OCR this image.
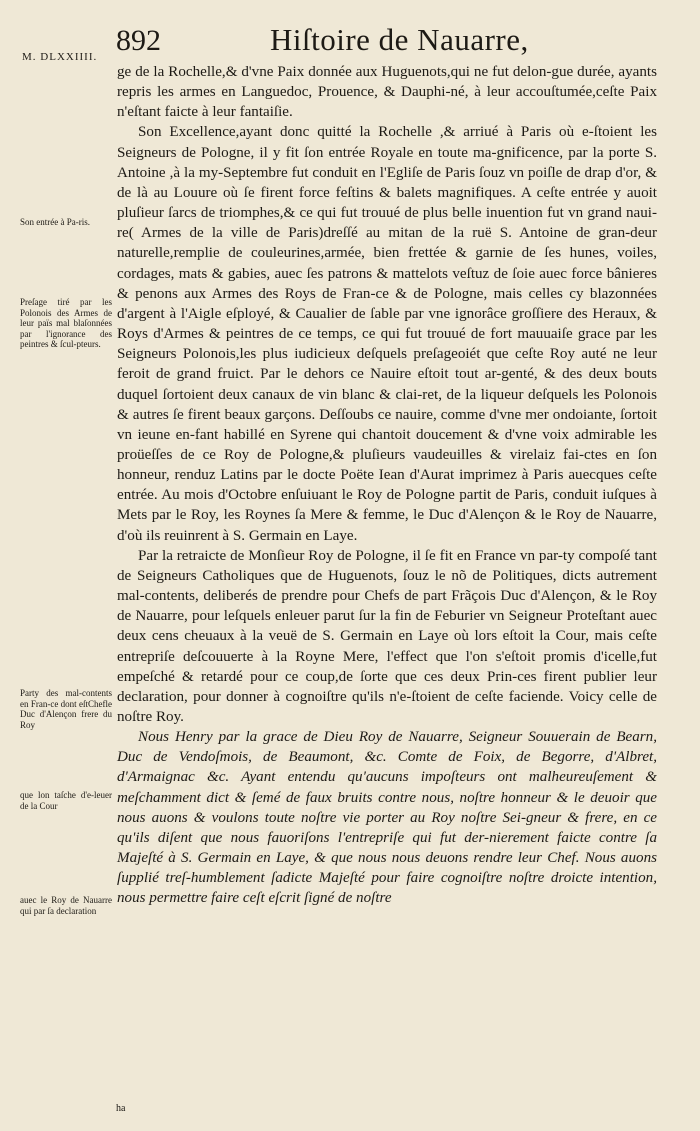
M. DLXXIIII. 892	Hiſtoire de Nauarre,

ge de la Rochelle,& d'vne Paix donnée aux Huguenots,qui ne fut delon-gue durée, ayants repris les armes en Languedoc, Prouence, & Dauphi-né, à leur accouſtumée,ceſte Paix n'eſtant faicte à leur fantaiſie.

Son Excellence,ayant donc quitté la Rochelle ,& arriué à Paris où e-ſtoient les Seigneurs de Pologne, il y fit ſon entrée Royale en toute ma-gnificence, par la porte S. Antoine ,à la my-Septembre fut conduit en l'Egliſe de Paris ſouz vn poiſle de drap d'or, & de là au Louure où ſe firent force feſtins & balets magnifiques. A ceſte entrée y auoit pluſieur ſarcs de triomphes,& ce qui fut trouué de plus belle inuention fut vn grand naui-re( Armes de la ville de Paris)dreſſé au mitan de la ruë S. Antoine de gran-deur naturelle,remplie de couleurines,armée, bien frettée & garnie de ſes hunes, voiles, cordages, mats & gabies, auec ſes patrons & mattelots veſtuz de ſoie auec force bânieres & penons aux Armes des Roys de Fran-ce & de Pologne, mais celles cy blazonnées d'argent à l'Aigle eſployé, & Caualier de ſable par vne ignorâce groſſiere des Heraux, & Roys d'Armes & peintres de ce temps, ce qui fut trouué de fort mauuaiſe grace par les Seigneurs Polonois,les plus iudicieux deſquels preſageoiét que ceſte Roy auté ne leur feroit de grand fruict. Par le dehors ce Nauire eſtoit tout ar-genté, & des deux bouts duquel ſortoient deux canaux de vin blanc & clai-ret, de la liqueur deſquels les Polonois & autres ſe firent beaux garçons. Deſſoubs ce nauire, comme d'vne mer ondoiante, ſortoit vn ieune en-fant habillé en Syrene qui chantoit doucement & d'vne voix admirable les proüeſſes de ce Roy de Pologne,& pluſieurs vaudeuilles & virelaiz fai-ctes en ſon honneur, renduz Latins par le docte Poëte Iean d'Aurat imprimez à Paris auecques ceſte entrée. Au mois d'Octobre enſuiuant le Roy de Pologne partit de Paris, conduit iuſques à Mets par le Roy, les Roynes ſa Mere & femme, le Duc d'Alençon & le Roy de Nauarre, d'où ils reuinrent à S. Germain en Laye.

Par la retraicte de Monſieur Roy de Pologne, il ſe fit en France vn par-ty compoſé tant de Seigneurs Catholiques que de Huguenots, ſouz le nõ de Politiques, dicts autrement mal-contents, deliberés de prendre pour Chefs de part Frãçois Duc d'Alençon, & le Roy de Nauarre, pour leſquels enleuer parut ſur la fin de Feburier vn Seigneur Proteſtant auec deux cens cheuaux à la veuë de S. Germain en Laye où lors eſtoit la Cour, mais ceſte entrepriſe deſcouuerte à la Royne Mere, l'effect que l'on s'eſtoit promis d'icelle,fut empeſché & retardé pour ce coup,de ſorte que ces deux Prin-ces firent publier leur declaration, pour donner à cognoiſtre qu'ils n'e-ſtoient de ceſte faciende. Voicy celle de noſtre Roy.

Nous Henry par la grace de Dieu Roy de Nauarre, Seigneur Souuerain de Bearn, Duc de Vendoſmois, de Beaumont, &c. Comte de Foix, de Begorre, d'Albret, d'Armaignac &c. Ayant entendu qu'aucuns impoſteurs ont malheureuſement & meſchamment dict & ſemé de faux bruits contre nous, noſtre honneur & le deuoir que nous auons & voulons toute noſtre vie porter au Roy noſtre Sei-gneur & frere, en ce qu'ils diſent que nous fauoriſons l'entrepriſe qui fut der-nierement faicte contre ſa Majeſté à S. Germain en Laye, & que nous nous deuons rendre leur Chef. Nous auons ſupplié treſ-humblement ſadicte Majeſté pour faire cognoiſtre noſtre droicte intention, nous permettre faire ceſt eſcrit ſigné de noſtre

Son entrée à Pa-ris.
Preſage tiré par les Polonois des Armes de leur païs mal blaſonnées par l'ignorance des peintres & ſcul-pteurs.
Party des mal-contents en Fran-ce dont eſtChefle Duc d'Alençon frere du Roy
que lon taſche d'e-leuer de la Cour
auec le Roy de Nauarre qui par ſa declaration
ha
